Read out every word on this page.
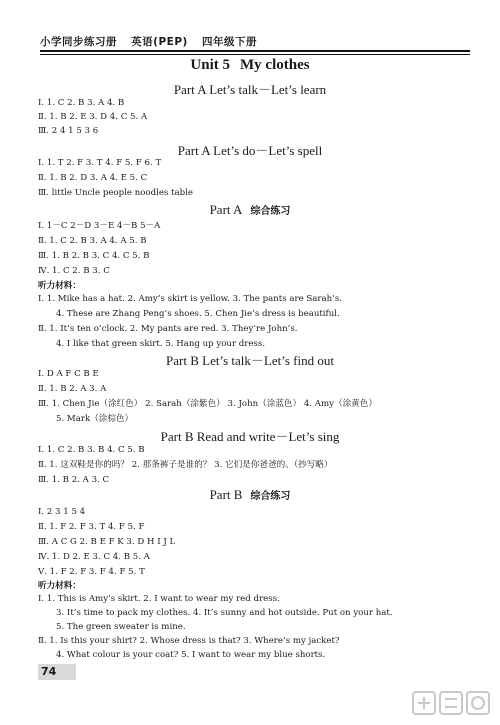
小学同步练习册 英语(PEP) 四年级下册
Unit 5 My clothes
Part A Let’s talk－Let’s learn
Ⅰ. 1. C 2. B 3. A 4. B
Ⅱ. 1. B 2. E 3. D 4. C 5. A
Ⅲ. 2 4 1 5 3 6
Part A Let’s do－Let’s spell
Ⅰ. 1. T 2. F 3. T 4. F 5. F 6. T
Ⅱ. 1. B 2. D 3. A 4. E 5. C
Ⅲ. little Uncle people noodles table
Part A 综合练习
Ⅰ. 1－C 2－D 3－E 4－B 5－A
Ⅱ. 1. C 2. B 3. A 4. A 5. B
Ⅲ. 1. B 2. B 3. C 4. C 5. B
Ⅳ. 1. C 2. B 3. C
听力材料：
Ⅰ. 1. Mike has a hat. 2. Amy’s skirt is yellow. 3. The pants are Sarah’s.
4. These are Zhang Peng’s shoes. 5. Chen Jie’s dress is beautiful.
Ⅱ. 1. It’s ten o’clock. 2. My pants are red. 3. They’re John’s.
4. I like that green skirt. 5. Hang up your dress.
Part B Let’s talk－Let’s find out
Ⅰ. D A F C B E
Ⅱ. 1. B 2. A 3. A
Ⅲ. 1. Chen Jie（涂红色） 2. Sarah（涂紫色） 3. John（涂蓝色） 4. Amy（涂黄色）
5. Mark（涂棕色）
Part B Read and write－Let’s sing
Ⅰ. 1. C 2. B 3. B 4. C 5. B
Ⅱ. 1. 这双鞋是你的吗？ 2. 那条裤子是谁的？ 3. 它们是你爸爸的。（抄写略）
Ⅲ. 1. B 2. A 3. C
Part B 综合练习
Ⅰ. 2 3 1 5 4
Ⅱ. 1. F 2. F 3. T 4. F 5. F
Ⅲ. A C G 2. B E F K 3. D H I J L
Ⅳ. 1. D 2. E 3. C 4. B 5. A
Ⅴ. 1. F 2. F 3. F 4. F 5. T
听力材料：
Ⅰ. 1. This is Amy’s skirt. 2. I want to wear my red dress.
3. It’s time to pack my clothes. 4. It’s sunny and hot outside. Put on your hat.
5. The green sweater is mine.
Ⅱ. 1. Is this your shirt? 2. Whose dress is that? 3. Where’s my jacket?
4. What colour is your coat? 5. I want to wear my blue shorts.
74
